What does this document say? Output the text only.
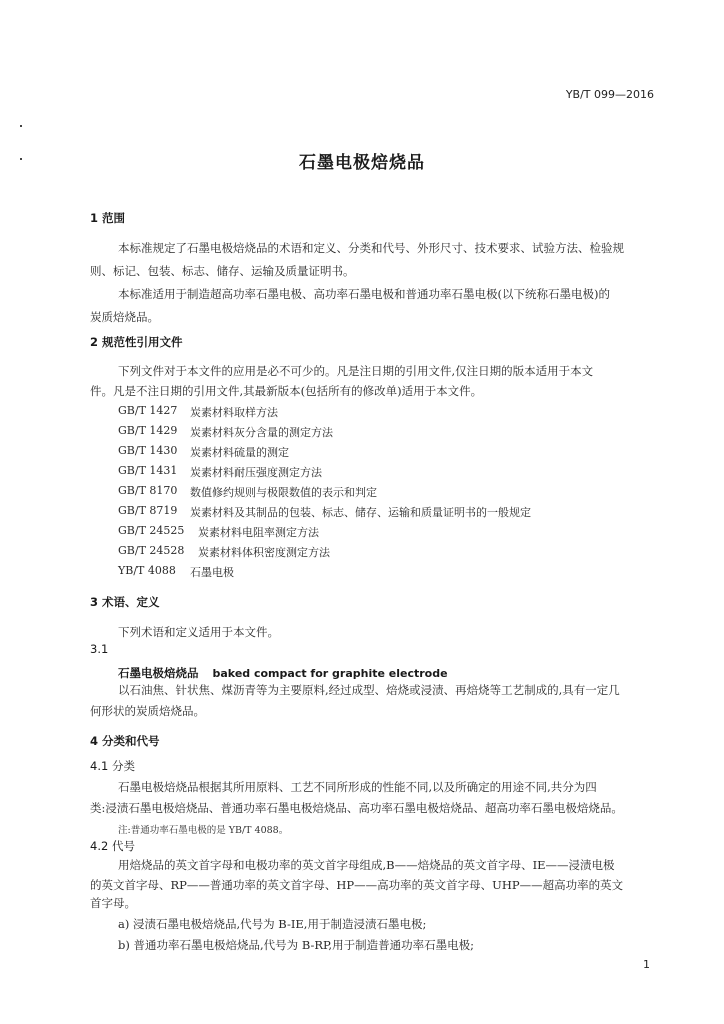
YB/T 099—2016
石墨电极焙烧品
1 范围
本标准规定了石墨电极焙烧品的术语和定义、分类和代号、外形尺寸、技术要求、试验方法、检验规
则、标记、包装、标志、储存、运输及质量证明书。
本标准适用于制造超高功率石墨电极、高功率石墨电极和普通功率石墨电极(以下统称石墨电极)的
炭质焙烧品。
2 规范性引用文件
下列文件对于本文件的应用是必不可少的。凡是注日期的引用文件,仅注日期的版本适用于本文
件。凡是不注日期的引用文件,其最新版本(包括所有的修改单)适用于本文件。
GB/T 1427 炭素材料取样方法
GB/T 1429 炭素材料灰分含量的测定方法
GB/T 1430 炭素材料硫量的测定
GB/T 1431 炭素材料耐压强度测定方法
GB/T 8170 数值修约规则与极限数值的表示和判定
GB/T 8719 炭素材料及其制品的包装、标志、储存、运输和质量证明书的一般规定
GB/T 24525 炭素材料电阻率测定方法
GB/T 24528 炭素材料体积密度测定方法
YB/T 4088 石墨电极
3 术语、定义
下列术语和定义适用于本文件。
3.1
石墨电极焙烧品 baked compact for graphite electrode
以石油焦、针状焦、煤沥青等为主要原料,经过成型、焙烧或浸渍、再焙烧等工艺制成的,具有一定几
何形状的炭质焙烧品。
4 分类和代号
4.1 分类
石墨电极焙烧品根据其所用原料、工艺不同所形成的性能不同,以及所确定的用途不同,共分为四
类:浸渍石墨电极焙烧品、普通功率石墨电极焙烧品、高功率石墨电极焙烧品、超高功率石墨电极焙烧品。
注:普通功率石墨电极的是 YB/T 4088。
4.2 代号
用焙烧品的英文首字母和电极功率的英文首字母组成,B——焙烧品的英文首字母、IE——浸渍电极
的英文首字母、RP——普通功率的英文首字母、HP——高功率的英文首字母、UHP——超高功率的英文
首字母。
a) 浸渍石墨电极焙烧品,代号为 B-IE,用于制造浸渍石墨电极;
b) 普通功率石墨电极焙烧品,代号为 B-RP,用于制造普通功率石墨电极;
1
